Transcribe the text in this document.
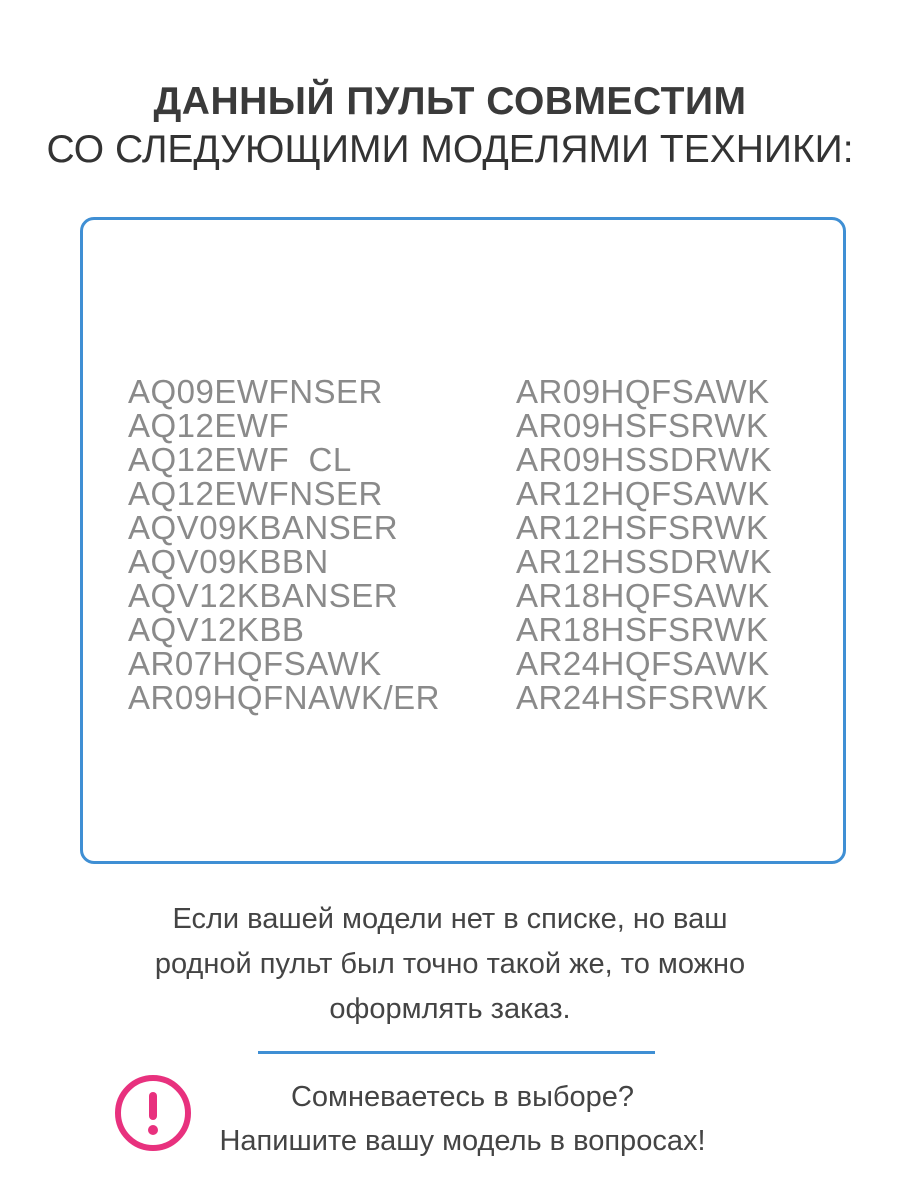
ДАННЫЙ ПУЛЬТ СОВМЕСТИМ
СО СЛЕДУЮЩИМИ МОДЕЛЯМИ ТЕХНИКИ:
AQ09EWFNSER
AQ12EWF
AQ12EWF  CL
AQ12EWFNSER
AQV09KBANSER
AQV09KBBN
AQV12KBANSER
AQV12KBB
AR07HQFSAWK
AR09HQFNAWK/ER
AR09HQFSAWK
AR09HSFSRWK
AR09HSSDRWK
AR12HQFSAWK
AR12HSFSRWK
AR12HSSDRWK
AR18HQFSAWK
AR18HSFSRWK
AR24HQFSAWK
AR24HSFSRWK
Если вашей модели нет в списке, но ваш
родной пульт был точно такой же, то можно
оформлять заказ.
Сомневаетесь в выборе?
Напишите вашу модель в вопросах!
